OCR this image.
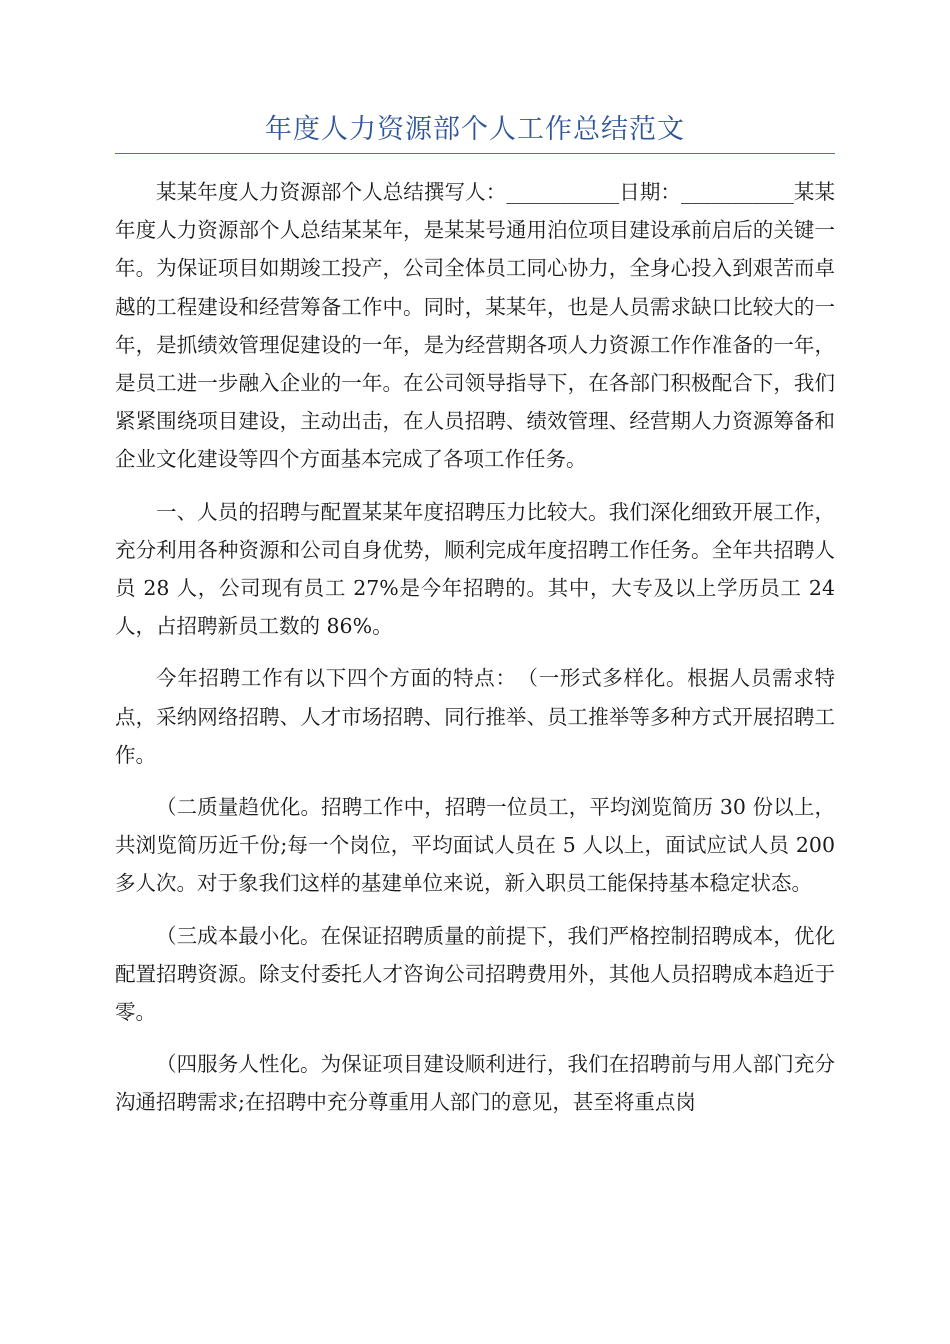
年度人力资源部个人工作总结范文

某某年度人力资源部个人总结撰写人：___________日期：___________某某年度人力资源部个人总结某某年，是某某号通用泊位项目建设承前启后的关键一年。为保证项目如期竣工投产，公司全体员工同心协力，全身心投入到艰苦而卓越的工程建设和经营筹备工作中。同时，某某年，也是人员需求缺口比较大的一年，是抓绩效管理促建设的一年，是为经营期各项人力资源工作作准备的一年，是员工进一步融入企业的一年。在公司领导指导下，在各部门积极配合下，我们紧紧围绕项目建设，主动出击，在人员招聘、绩效管理、经营期人力资源筹备和企业文化建设等四个方面基本完成了各项工作任务。

一、人员的招聘与配置某某年度招聘压力比较大。我们深化细致开展工作，充分利用各种资源和公司自身优势，顺利完成年度招聘工作任务。全年共招聘人员 28 人，公司现有员工 27%是今年招聘的。其中，大专及以上学历员工 24 人，占招聘新员工数的 86%。

今年招聘工作有以下四个方面的特点：　（一形式多样化。根据人员需求特点，采纳网络招聘、人才市场招聘、同行推举、员工推举等多种方式开展招聘工作。

（二质量趋优化。招聘工作中，招聘一位员工，平均浏览简历 30 份以上，共浏览简历近千份;每一个岗位，平均面试人员在 5 人以上，面试应试人员 200 多人次。对于象我们这样的基建单位来说，新入职员工能保持基本稳定状态。

（三成本最小化。在保证招聘质量的前提下，我们严格控制招聘成本，优化配置招聘资源。除支付委托人才咨询公司招聘费用外，其他人员招聘成本趋近于零。

（四服务人性化。为保证项目建设顺利进行，我们在招聘前与用人部门充分沟通招聘需求;在招聘中充分尊重用人部门的意见，甚至将重点岗
